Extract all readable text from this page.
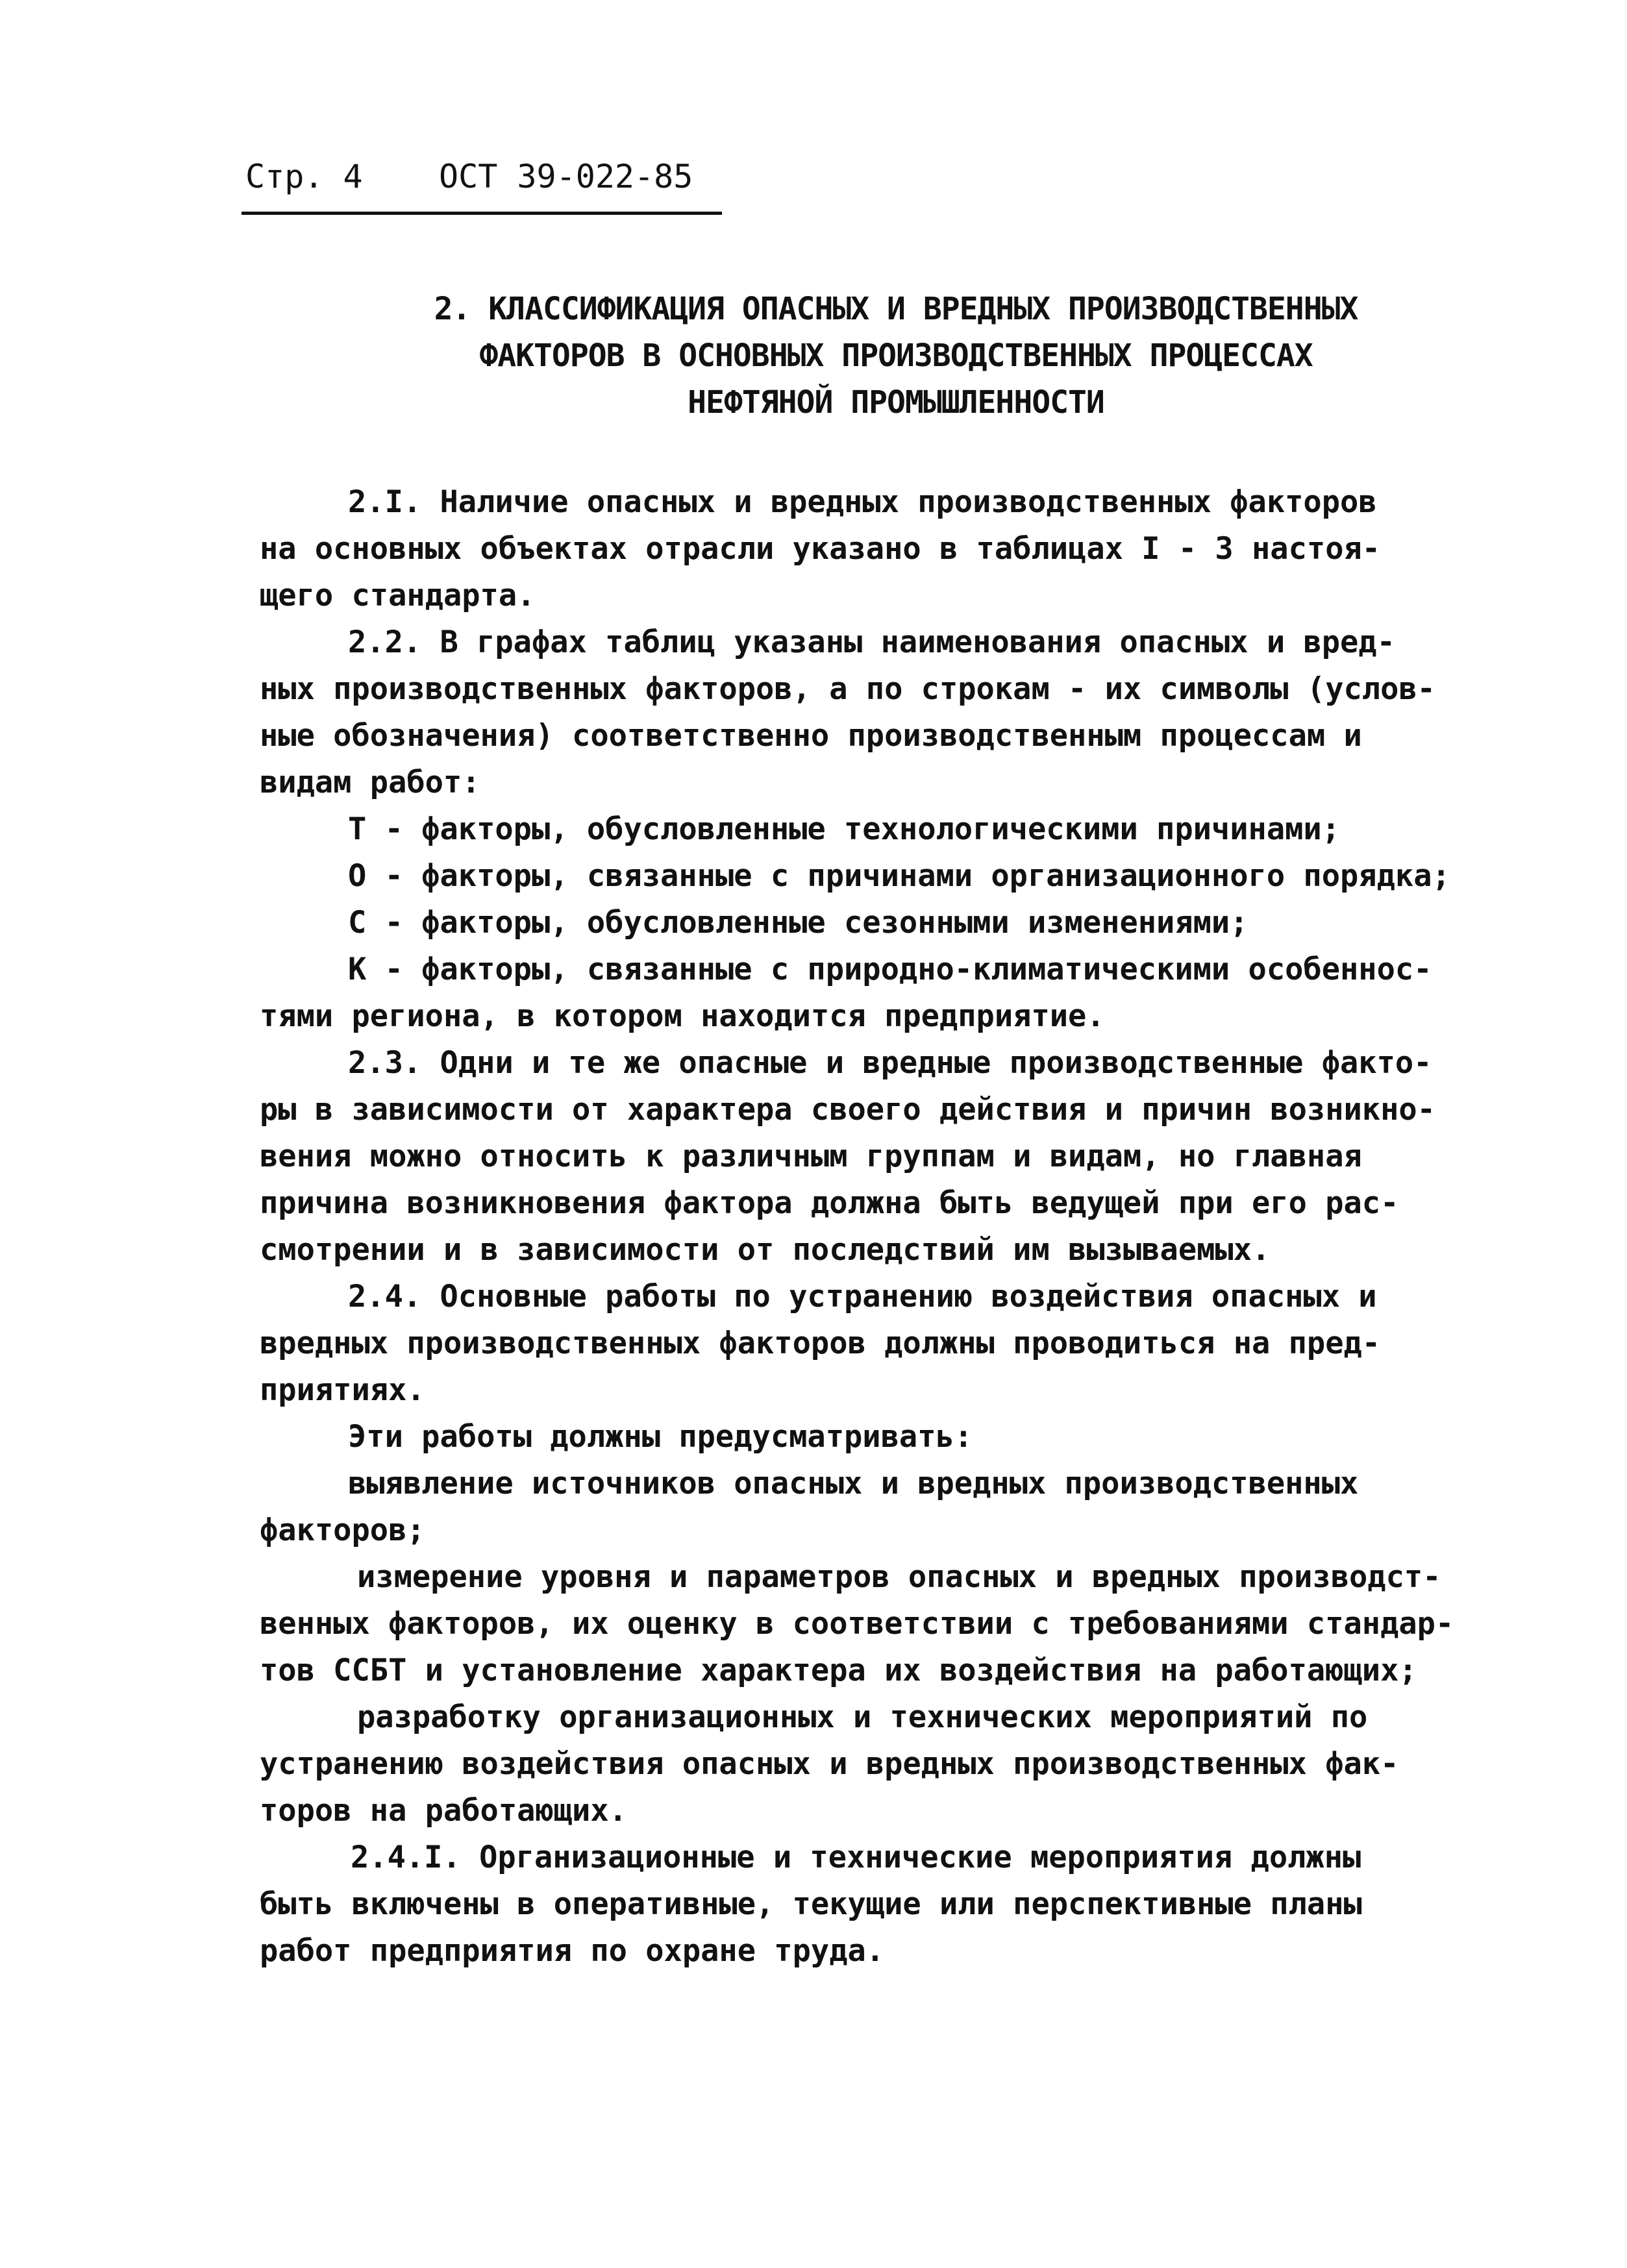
Стр. 4 ОСТ 39-022-85
2. КЛАССИФИКАЦИЯ ОПАСНЫХ И ВРЕДНЫХ ПРОИЗВОДСТВЕННЫХ
ФАКТОРОВ В ОСНОВНЫХ ПРОИЗВОДСТВЕННЫХ ПРОЦЕССАХ
НЕФТЯНОЙ ПРОМЫШЛЕННОСТИ
2.I. Наличие опасных и вредных производственных факторов
на основных объектах отрасли указано в таблицах I - 3 настоя-
щего стандарта.
2.2. В графах таблиц указаны наименования опасных и вред-
ных производственных факторов, а по строкам - их символы (услов-
ные обозначения) соответственно производственным процессам и
видам работ:
Т - факторы, обусловленные технологическими причинами;
О - факторы, связанные с причинами организационного порядка;
С - факторы, обусловленные сезонными изменениями;
К - факторы, связанные с природно-климатическими особеннос-
тями региона, в котором находится предприятие.
2.3. Одни и те же опасные и вредные производственные факто-
ры в зависимости от характера своего действия и причин возникно-
вения можно относить к различным группам и видам, но главная
причина возникновения фактора должна быть ведущей при его рас-
смотрении и в зависимости от последствий им вызываемых.
2.4. Основные работы по устранению воздействия опасных и
вредных производственных факторов должны проводиться на пред-
приятиях.
Эти работы должны предусматривать:
выявление источников опасных и вредных производственных
факторов;
измерение уровня и параметров опасных и вредных производст-
венных факторов, их оценку в соответствии с требованиями стандар-
тов ССБТ и установление характера их воздействия на работающих;
разработку организационных и технических мероприятий по
устранению воздействия опасных и вредных производственных фак-
торов на работающих.
2.4.I. Организационные и технические мероприятия должны
быть включены в оперативные, текущие или перспективные планы
работ предприятия по охране труда.
